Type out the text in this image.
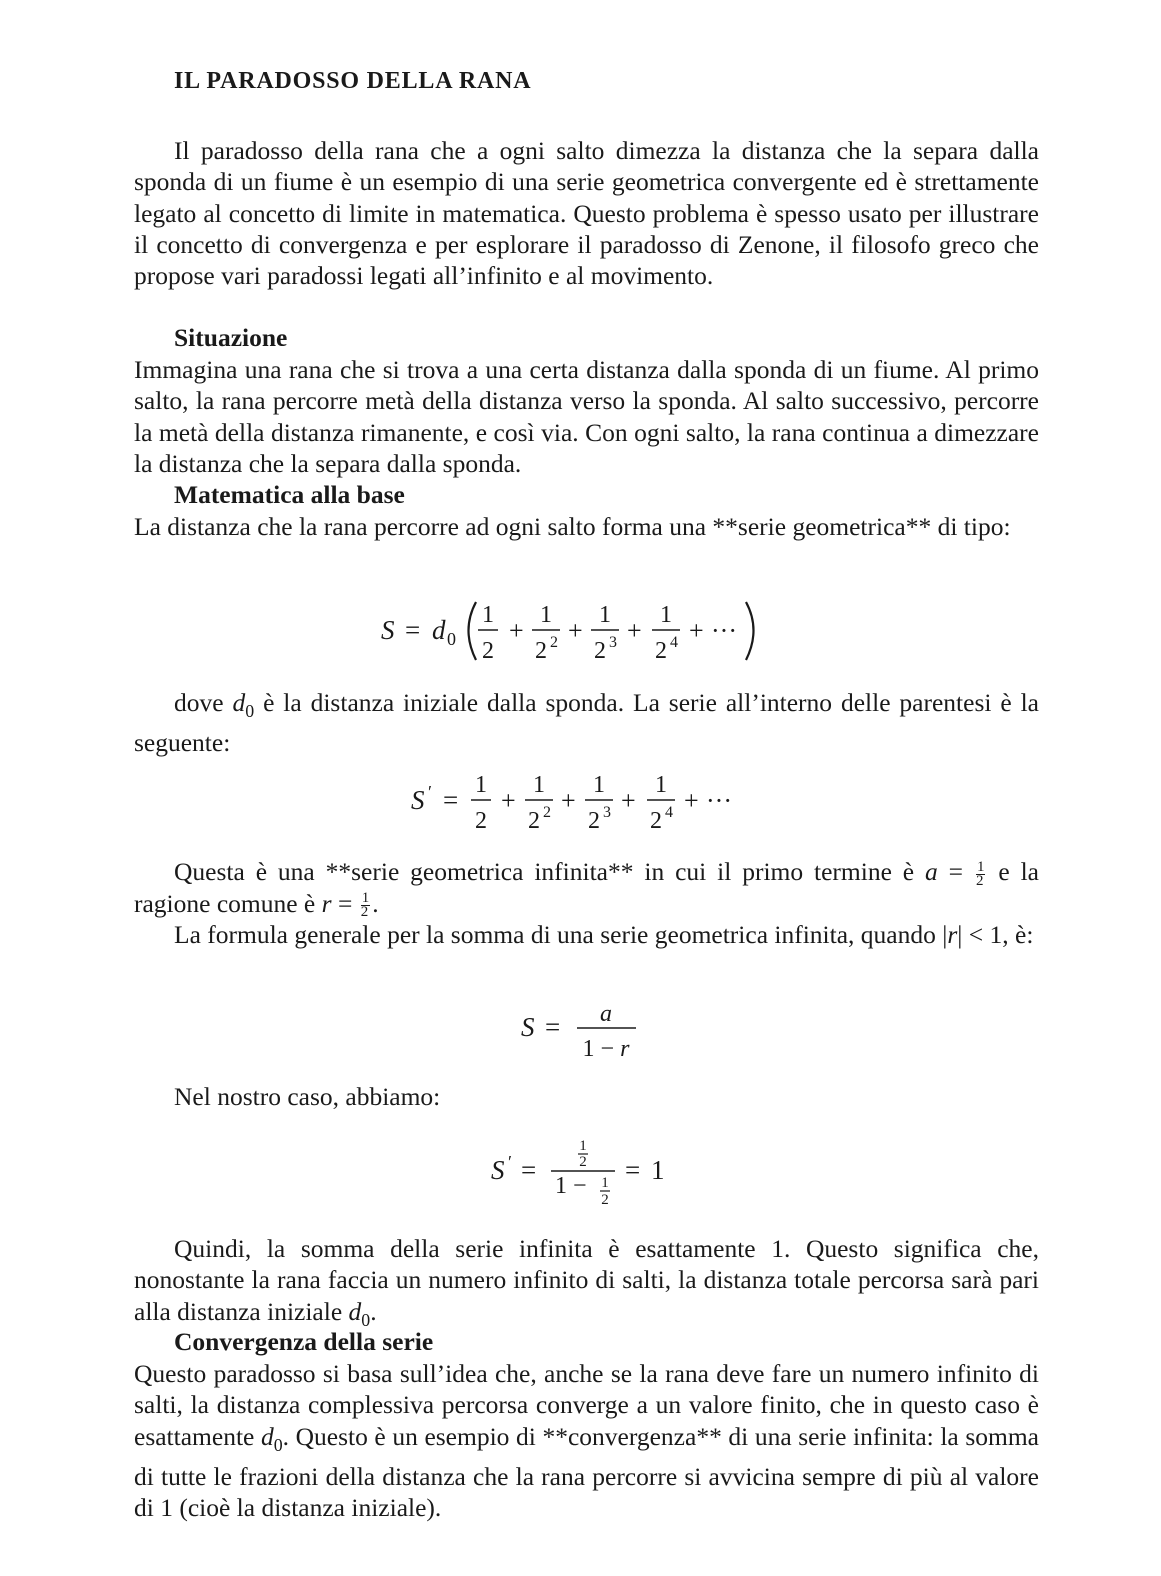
IL PARADOSSO DELLA RANA

Il paradosso della rana che a ogni salto dimezza la distanza che la separa dalla sponda di un fiume è un esempio di una serie geometrica convergente ed è strettamente legato al concetto di limite in matematica. Questo problema è spesso usato per illustrare il concetto di convergenza e per esplorare il paradosso di Zenone, il filosofo greco che propose vari paradossi legati all’infinito e al movimento.

Situazione

Immagina una rana che si trova a una certa distanza dalla sponda di un fiume. Al primo salto, la rana percorre metà della distanza verso la sponda. Al salto successivo, percorre la metà della distanza rimanente, e così via. Con ogni salto, la rana continua a dimezzare la distanza che la separa dalla sponda.

Matematica alla base

La distanza che la rana percorre ad ogni salto forma una **serie geometrica** di tipo:

S = d 0
1
2
+
1
2 2 +
1
2 3 +
1
2 4 + ···

dove $d_0$ è la distanza iniziale dalla sponda. La serie all’interno delle parentesi è la seguente:

S ′ = 1
2
+
1
2 2 +
1
2 3 +
1
2 4 + ···

Questa è una **serie geometrica infinita** in cui il primo termine è $a = \frac{1}{2}$ e la ragione comune è $r = \frac{1}{2}$ .

La formula generale per la somma di una serie geometrica infinita, quando |r| < 1, è:

S = a
1 − r

Nel nostro caso, abbiamo:

S ′ =
1
2
1 − 1
2
= 1

Quindi, la somma della serie infinita è esattamente 1. Questo significa che, nonostante la rana faccia un numero infinito di salti, la distanza totale percorsa sarà pari alla distanza iniziale $d_0$.

Convergenza della serie

Questo paradosso si basa sull’idea che, anche se la rana deve fare un numero infinito di salti, la distanza complessiva percorsa converge a un valore finito, che in questo caso è esattamente $d_0$. Questo è un esempio di **convergenza** di una serie infinita: la somma di tutte le frazioni della distanza che la rana percorre si avvicina sempre di più al valore di 1 (cioè la distanza iniziale).
